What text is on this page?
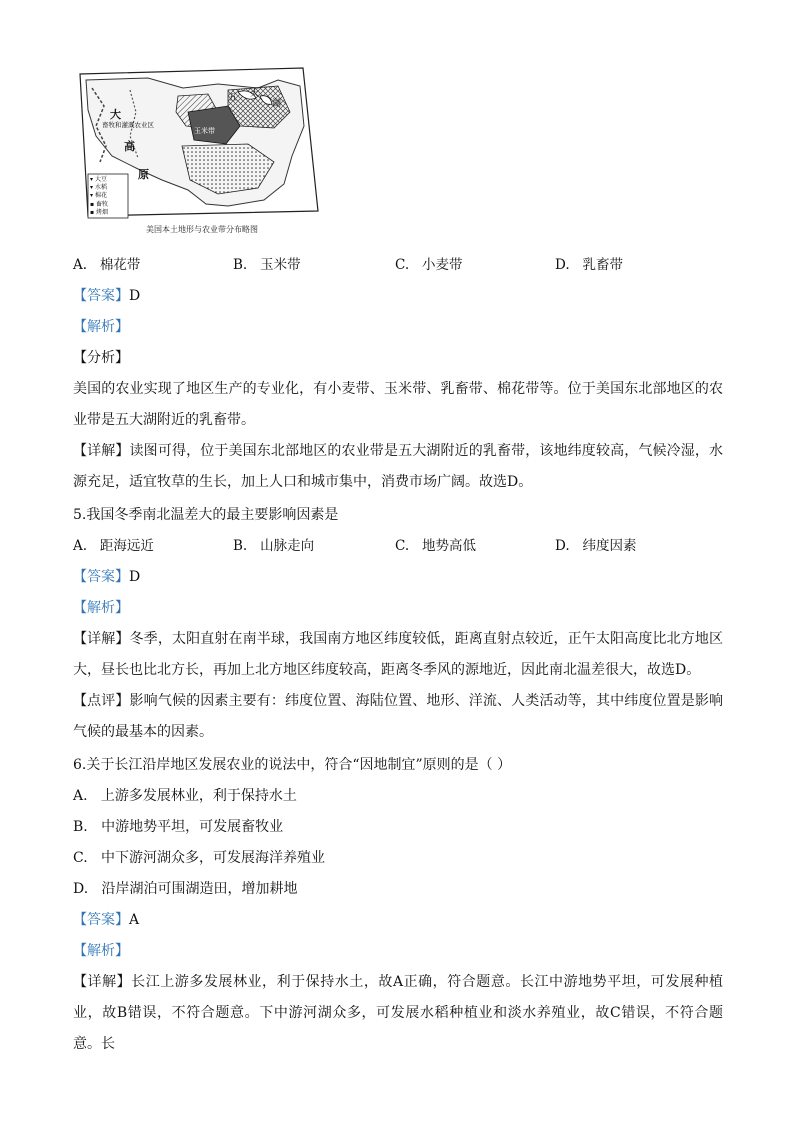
大
畜牧和灌溉农业区
高
原
五 大
湖
玉米带
▾ 大豆
▾ 水稻
▾ 棉花
▪ 畜牧
▪ 烤烟
美国本土地形与农业带分布略图
A. 棉花带	B. 玉米带	C. 小麦带	D. 乳畜带
【答案】D
【解析】
【分析】
美国的农业实现了地区生产的专业化，有小麦带、玉米带、乳畜带、棉花带等。位于美国东北部地区的农业带是五大湖附近的乳畜带。
【详解】读图可得，位于美国东北部地区的农业带是五大湖附近的乳畜带，该地纬度较高，气候冷湿，水源充足，适宜牧草的生长，加上人口和城市集中，消费市场广阔。故选D。
5.我国冬季南北温差大的最主要影响因素是
A. 距海远近	B. 山脉走向	C. 地势高低	D. 纬度因素
【答案】D
【解析】
【详解】冬季，太阳直射在南半球，我国南方地区纬度较低，距离直射点较近，正午太阳高度比北方地区大，昼长也比北方长，再加上北方地区纬度较高，距离冬季风的源地近，因此南北温差很大，故选D。
【点评】影响气候的因素主要有：纬度位置、海陆位置、地形、洋流、人类活动等，其中纬度位置是影响气候的最基本的因素。
6.关于长江沿岸地区发展农业的说法中，符合“因地制宜”原则的是（ ）
A.   上游多发展林业，利于保持水土
B.   中游地势平坦，可发展畜牧业
C.   中下游河湖众多，可发展海洋养殖业
D.   沿岸湖泊可围湖造田，增加耕地
【答案】A
【解析】
【详解】长江上游多发展林业，利于保持水土，故A正确，符合题意。长江中游地势平坦，可发展种植业，故B错误，不符合题意。下中游河湖众多，可发展水稻种植业和淡水养殖业，故C错误，不符合题意。长
